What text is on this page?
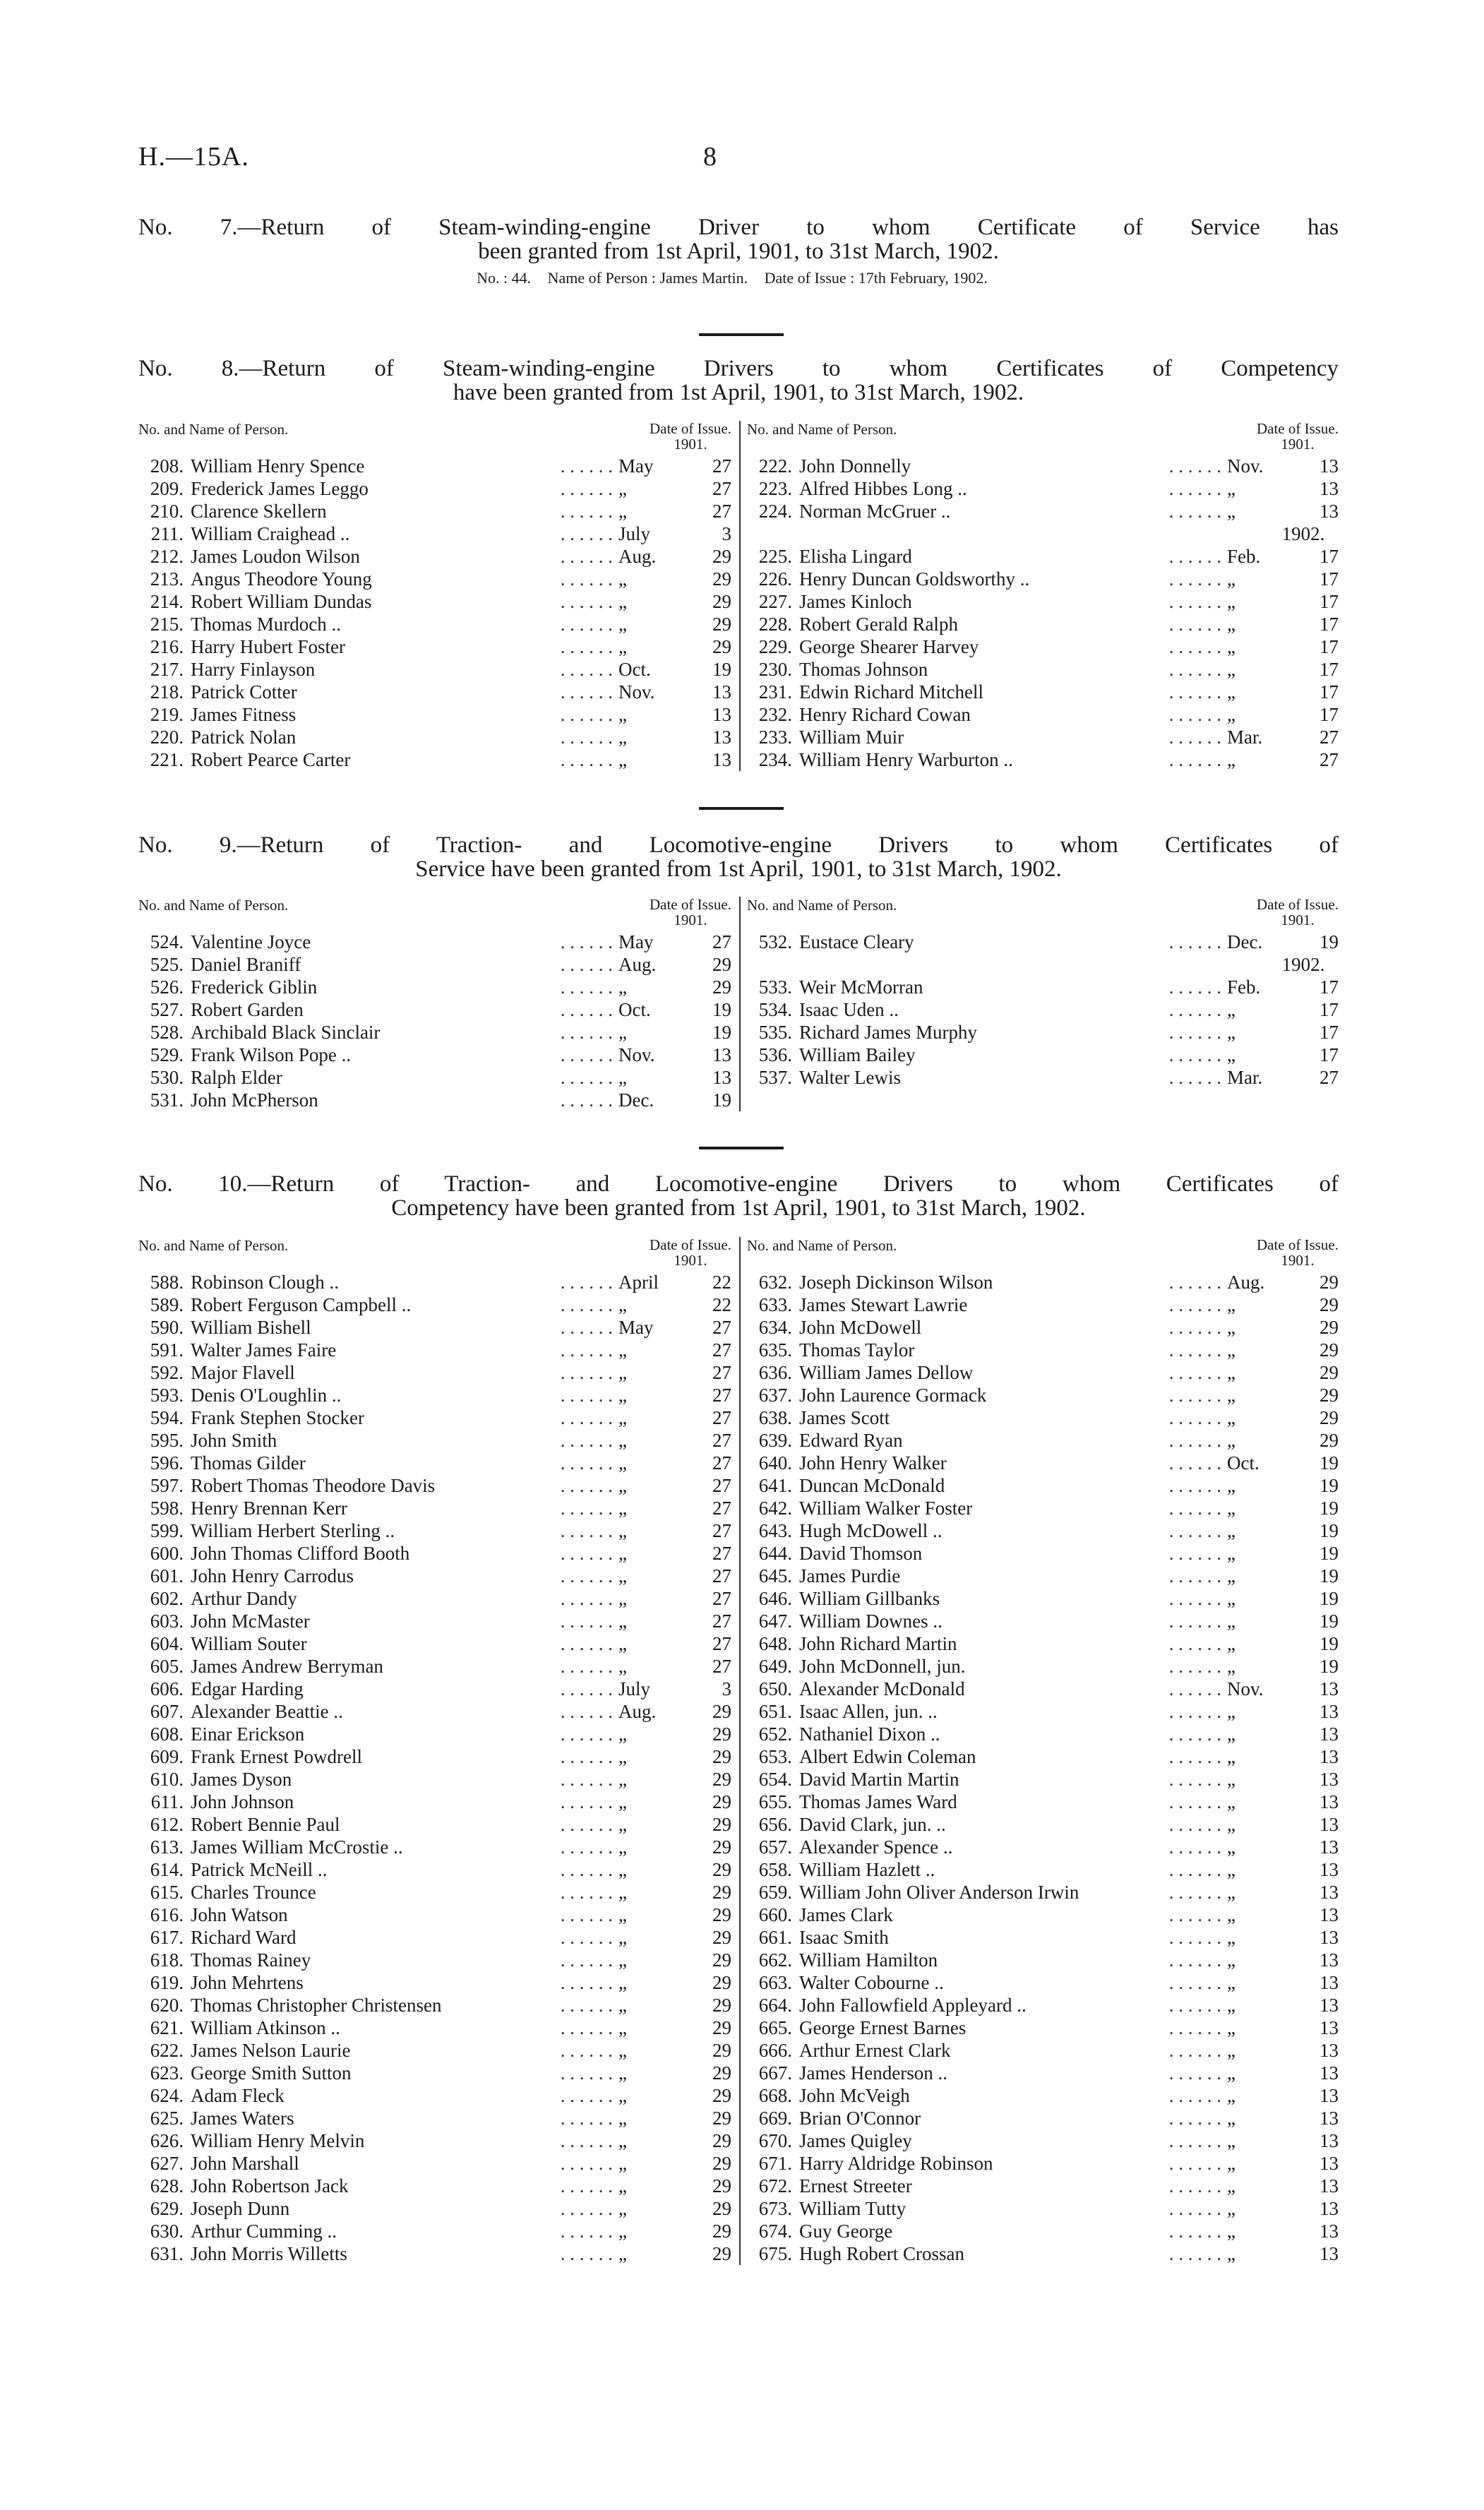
H.—15A.	8

No. 7.—Return of Steam-winding-engine Driver to whom Certificate of Service has

been granted from 1st April, 1901, to 31st March, 1902.

No. : 44. Name of Person : James Martin. Date of Issue : 17th February, 1902.

No. 8.—Return of Steam-winding-engine Drivers to whom Certificates of Competency

have been granted from 1st April, 1901, to 31st March, 1902.

No. and Name of Person.	Date of Issue.
1901.
208. William Henry Spence	. . . . . . May	27
209. Frederick James Leggo	. . . . . . „	27
210. Clarence Skellern	. . . . . . „	27
211. William Craighead ..	. . . . . . July	3
212. James Loudon Wilson	. . . . . . Aug.	29
213. Angus Theodore Young	. . . . . . „	29
214. Robert William Dundas	. . . . . . „	29
215. Thomas Murdoch ..	. . . . . . „	29
216. Harry Hubert Foster	. . . . . . „	29
217. Harry Finlayson	. . . . . . Oct.	19
218. Patrick Cotter	. . . . . . Nov.	13
219. James Fitness	. . . . . . „	13
220. Patrick Nolan	. . . . . . „	13
221. Robert Pearce Carter	. . . . . . „	13
No. and Name of Person.	Date of Issue.
1901.
222. John Donnelly	. . . . . . Nov.	13
223. Alfred Hibbes Long ..	. . . . . . „	13
224. Norman McGruer ..	. . . . . . „	13
1902.
225. Elisha Lingard	. . . . . . Feb.	17
226. Henry Duncan Goldsworthy ..	. . . . . . „	17
227. James Kinloch	. . . . . . „	17
228. Robert Gerald Ralph	. . . . . . „	17
229. George Shearer Harvey	. . . . . . „	17
230. Thomas Johnson	. . . . . . „	17
231. Edwin Richard Mitchell	. . . . . . „	17
232. Henry Richard Cowan	. . . . . . „	17
233. William Muir	. . . . . . Mar.	27
234. William Henry Warburton ..	. . . . . . „	27

No. 9.—Return of Traction- and Locomotive-engine Drivers to whom Certificates of

Service have been granted from 1st April, 1901, to 31st March, 1902.

No. and Name of Person.	Date of Issue.
1901.
524. Valentine Joyce	. . . . . . May	27
525. Daniel Braniff	. . . . . . Aug.	29
526. Frederick Giblin	. . . . . . „	29
527. Robert Garden	. . . . . . Oct.	19
528. Archibald Black Sinclair	. . . . . . „	19
529. Frank Wilson Pope ..	. . . . . . Nov.	13
530. Ralph Elder	. . . . . . „	13
531. John McPherson	. . . . . . Dec.	19
No. and Name of Person.	Date of Issue.
1901.
532. Eustace Cleary	. . . . . . Dec.	19
1902.
533. Weir McMorran	. . . . . . Feb.	17
534. Isaac Uden ..	. . . . . . „	17
535. Richard James Murphy	. . . . . . „	17
536. William Bailey	. . . . . . „	17
537. Walter Lewis	. . . . . . Mar.	27

No. 10.—Return of Traction- and Locomotive-engine Drivers to whom Certificates of

Competency have been granted from 1st April, 1901, to 31st March, 1902.

No. and Name of Person.	Date of Issue.
1901.
588. Robinson Clough ..	. . . . . . April	22
589. Robert Ferguson Campbell ..	. . . . . . „	22
590. William Bishell	. . . . . . May	27
591. Walter James Faire	. . . . . . „	27
592. Major Flavell	. . . . . . „	27
593. Denis O'Loughlin ..	. . . . . . „	27
594. Frank Stephen Stocker	. . . . . . „	27
595. John Smith	. . . . . . „	27
596. Thomas Gilder	. . . . . . „	27
597. Robert Thomas Theodore Davis	. . . . . . „	27
598. Henry Brennan Kerr	. . . . . . „	27
599. William Herbert Sterling ..	. . . . . . „	27
600. John Thomas Clifford Booth	. . . . . . „	27
601. John Henry Carrodus	. . . . . . „	27
602. Arthur Dandy	. . . . . . „	27
603. John McMaster	. . . . . . „	27
604. William Souter	. . . . . . „	27
605. James Andrew Berryman	. . . . . . „	27
606. Edgar Harding	. . . . . . July	3
607. Alexander Beattie ..	. . . . . . Aug.	29
608. Einar Erickson	. . . . . . „	29
609. Frank Ernest Powdrell	. . . . . . „	29
610. James Dyson	. . . . . . „	29
611. John Johnson	. . . . . . „	29
612. Robert Bennie Paul	. . . . . . „	29
613. James William McCrostie ..	. . . . . . „	29
614. Patrick McNeill ..	. . . . . . „	29
615. Charles Trounce	. . . . . . „	29
616. John Watson	. . . . . . „	29
617. Richard Ward	. . . . . . „	29
618. Thomas Rainey	. . . . . . „	29
619. John Mehrtens	. . . . . . „	29
620. Thomas Christopher Christensen	. . . . . . „	29
621. William Atkinson ..	. . . . . . „	29
622. James Nelson Laurie	. . . . . . „	29
623. George Smith Sutton	. . . . . . „	29
624. Adam Fleck	. . . . . . „	29
625. James Waters	. . . . . . „	29
626. William Henry Melvin	. . . . . . „	29
627. John Marshall	. . . . . . „	29
628. John Robertson Jack	. . . . . . „	29
629. Joseph Dunn	. . . . . . „	29
630. Arthur Cumming ..	. . . . . . „	29
631. John Morris Willetts	. . . . . . „	29
No. and Name of Person.	Date of Issue.
1901.
632. Joseph Dickinson Wilson	. . . . . . Aug.	29
633. James Stewart Lawrie	. . . . . . „	29
634. John McDowell	. . . . . . „	29
635. Thomas Taylor	. . . . . . „	29
636. William James Dellow	. . . . . . „	29
637. John Laurence Gormack	. . . . . . „	29
638. James Scott	. . . . . . „	29
639. Edward Ryan	. . . . . . „	29
640. John Henry Walker	. . . . . . Oct.	19
641. Duncan McDonald	. . . . . . „	19
642. William Walker Foster	. . . . . . „	19
643. Hugh McDowell ..	. . . . . . „	19
644. David Thomson	. . . . . . „	19
645. James Purdie	. . . . . . „	19
646. William Gillbanks	. . . . . . „	19
647. William Downes ..	. . . . . . „	19
648. John Richard Martin	. . . . . . „	19
649. John McDonnell, jun.	. . . . . . „	19
650. Alexander McDonald	. . . . . . Nov.	13
651. Isaac Allen, jun. ..	. . . . . . „	13
652. Nathaniel Dixon ..	. . . . . . „	13
653. Albert Edwin Coleman	. . . . . . „	13
654. David Martin Martin	. . . . . . „	13
655. Thomas James Ward	. . . . . . „	13
656. David Clark, jun. ..	. . . . . . „	13
657. Alexander Spence ..	. . . . . . „	13
658. William Hazlett ..	. . . . . . „	13
659. William John Oliver Anderson Irwin	. . . . . . „	13
660. James Clark	. . . . . . „	13
661. Isaac Smith	. . . . . . „	13
662. William Hamilton	. . . . . . „	13
663. Walter Cobourne ..	. . . . . . „	13
664. John Fallowfield Appleyard ..	. . . . . . „	13
665. George Ernest Barnes	. . . . . . „	13
666. Arthur Ernest Clark	. . . . . . „	13
667. James Henderson ..	. . . . . . „	13
668. John McVeigh	. . . . . . „	13
669. Brian O'Connor	. . . . . . „	13
670. James Quigley	. . . . . . „	13
671. Harry Aldridge Robinson	. . . . . . „	13
672. Ernest Streeter	. . . . . . „	13
673. William Tutty	. . . . . . „	13
674. Guy George	. . . . . . „	13
675. Hugh Robert Crossan	. . . . . . „	13
